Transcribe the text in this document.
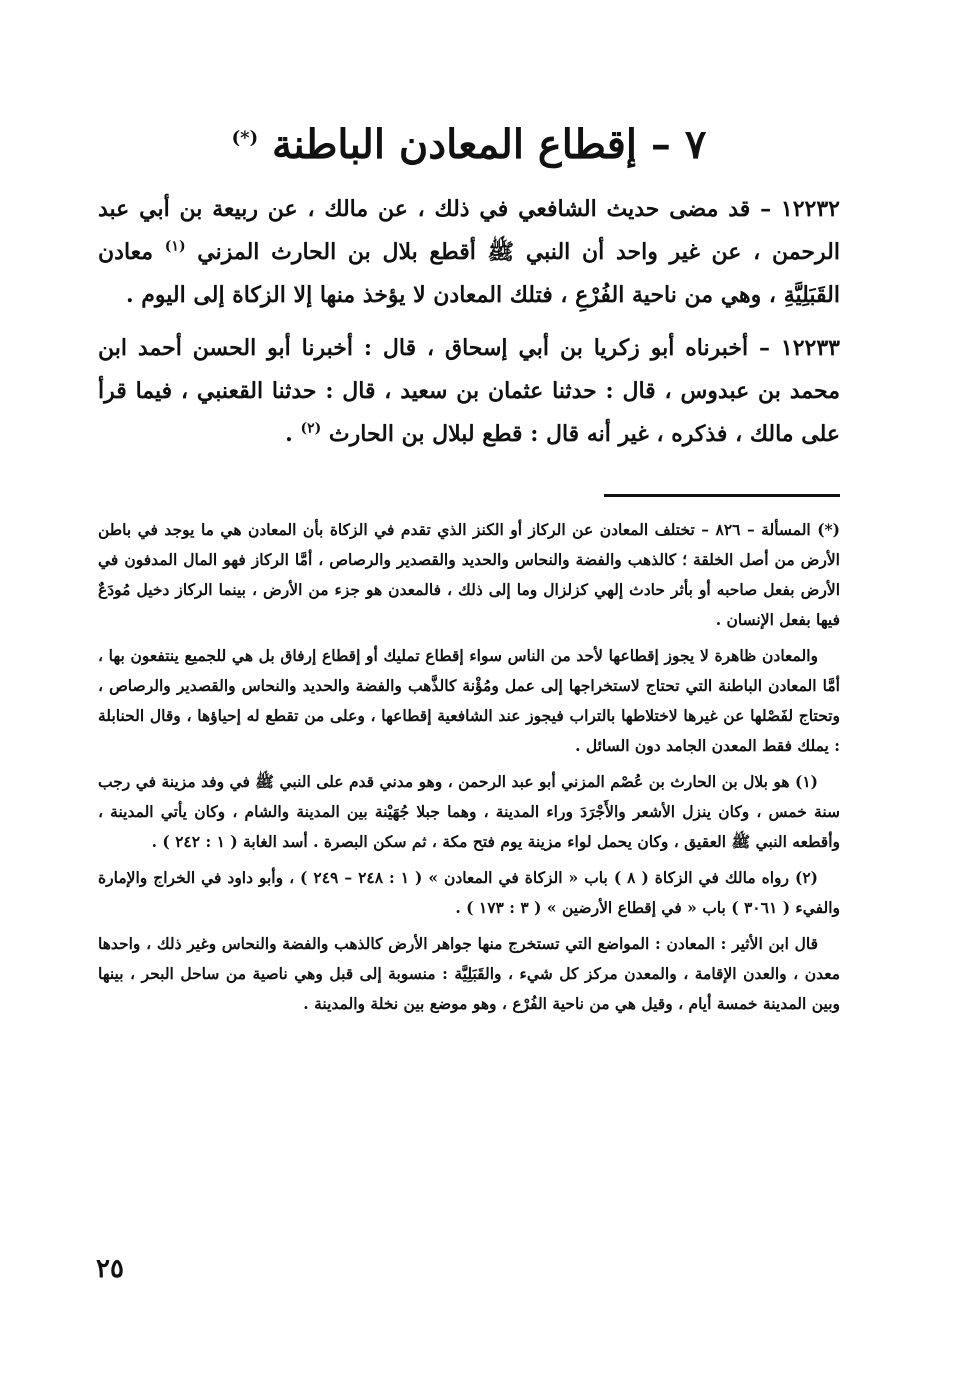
٧ – إقطاع المعادن الباطنة (*)

١٢٢٣٢ – قد مضى حديث الشافعي في ذلك ، عن مالك ، عن ربيعة بن أبي عبد الرحمن ، عن غير واحد أن النبي ﷺ أقطع بلال بن الحارث المزني $^{(١)}$ معادن القَبَلِيَّةِ ، وهي من ناحية الفُرْعِ ، فتلك المعادن لا يؤخذ منها إلا الزكاة إلى اليوم .

١٢٢٣٣ – أخبرناه أبو زكريا بن أبي إسحاق ، قال : أخبرنا أبو الحسن أحمد ابن محمد بن عبدوس ، قال : حدثنا عثمان بن سعيد ، قال : حدثنا القعنبي ، فيما قرأ على مالك ، فذكره ، غير أنه قال : قطع لبلال بن الحارث $^{(٢)}$ .

(*) المسألة – ٨٢٦ – تختلف المعادن عن الركاز أو الكنز الذي تقدم في الزكاة بأن المعادن هي ما يوجد في باطن الأرض من أصل الخلقة ؛ كالذهب والفضة والنحاس والحديد والقصدير والرصاص ، أمَّا الركاز فهو المال المدفون في الأرض بفعل صاحبه أو بأثر حادث إلهي كزلزال وما إلى ذلك ، فالمعدن هو جزء من الأرض ، بينما الركاز دخيل مُودَعٌ فيها بفعل الإنسان .

والمعادن ظاهرة لا يجوز إقطاعها لأحد من الناس سواء إقطاع تمليك أو إقطاع إرفاق بل هي للجميع ينتفعون بها ، أمَّا المعادن الباطنة التي تحتاج لاستخراجها إلى عمل ومُؤْنة كالذَّهب والفضة والحديد والنحاس والقصدير والرصاص ، وتحتاج لفَصْلها عن غيرها لاختلاطها بالتراب فيجوز عند الشافعية إقطاعها ، وعلى من تقطع له إحياؤها ، وقال الحنابلة : يملك فقط المعدن الجامد دون السائل .

(١) هو بلال بن الحارث بن عُصْم المزني أبو عبد الرحمن ، وهو مدني قدم على النبي ﷺ في وفد مزينة في رجب سنة خمس ، وكان ينزل الأشعر والأَجْرَدَ وراء المدينة ، وهما جبلا جُهَيْنة بين المدينة والشام ، وكان يأتي المدينة ، وأقطعه النبي ﷺ العقيق ، وكان يحمل لواء مزينة يوم فتح مكة ، ثم سكن البصرة . أسد الغابة ( ١ : ٢٤٢ ) .

(٢) رواه مالك في الزكاة ( ٨ ) باب « الزكاة في المعادن » ( ١ : ٢٤٨ – ٢٤٩ ) ، وأبو داود في الخراج والإمارة والفيء ( ٣٠٦١ ) باب « في إقطاع الأرضين » ( ٣ : ١٧٣ ) .

قال ابن الأثير : المعادن : المواضع التي تستخرج منها جواهر الأرض كالذهب والفضة والنحاس وغير ذلك ، واحدها معدن ، والعدن الإقامة ، والمعدن مركز كل شيء ، والقَبَلِيَّة : منسوبة إلى قبل وهي ناصية من ساحل البحر ، بينها وبين المدينة خمسة أيام ، وقيل هي من ناحية الفُرْع ، وهو موضع بين نخلة والمدينة .

٢٥
